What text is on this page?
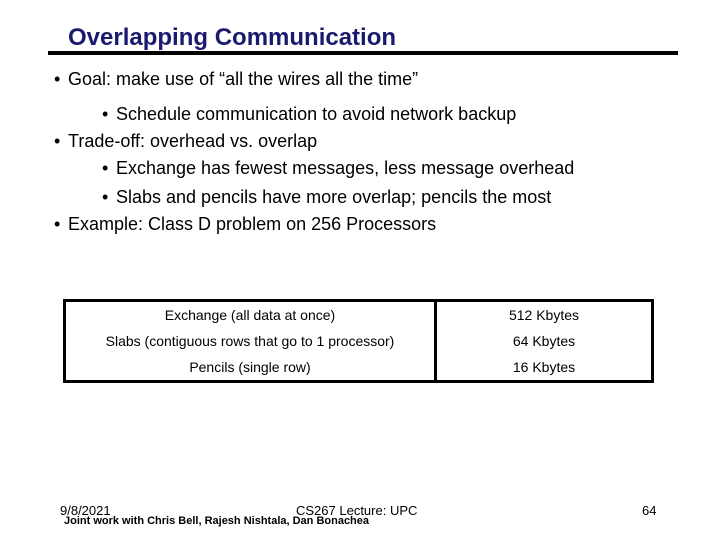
Overlapping Communication
• Goal: make use of “all the wires all the time”
• Schedule communication to avoid network backup
• Trade-off: overhead vs. overlap
• Exchange has fewest messages, less message overhead
• Slabs and pencils have more overlap; pencils the most
• Example: Class D problem on 256 Processors
Exchange (all data at once)	512 Kbytes
Slabs (contiguous rows that go to 1 processor)	64 Kbytes
Pencils (single row)	16 Kbytes
9/8/2021	CS267 Lecture: UPC
Joint work with Chris Bell, Rajesh Nishtala, Dan Bonachea
64
